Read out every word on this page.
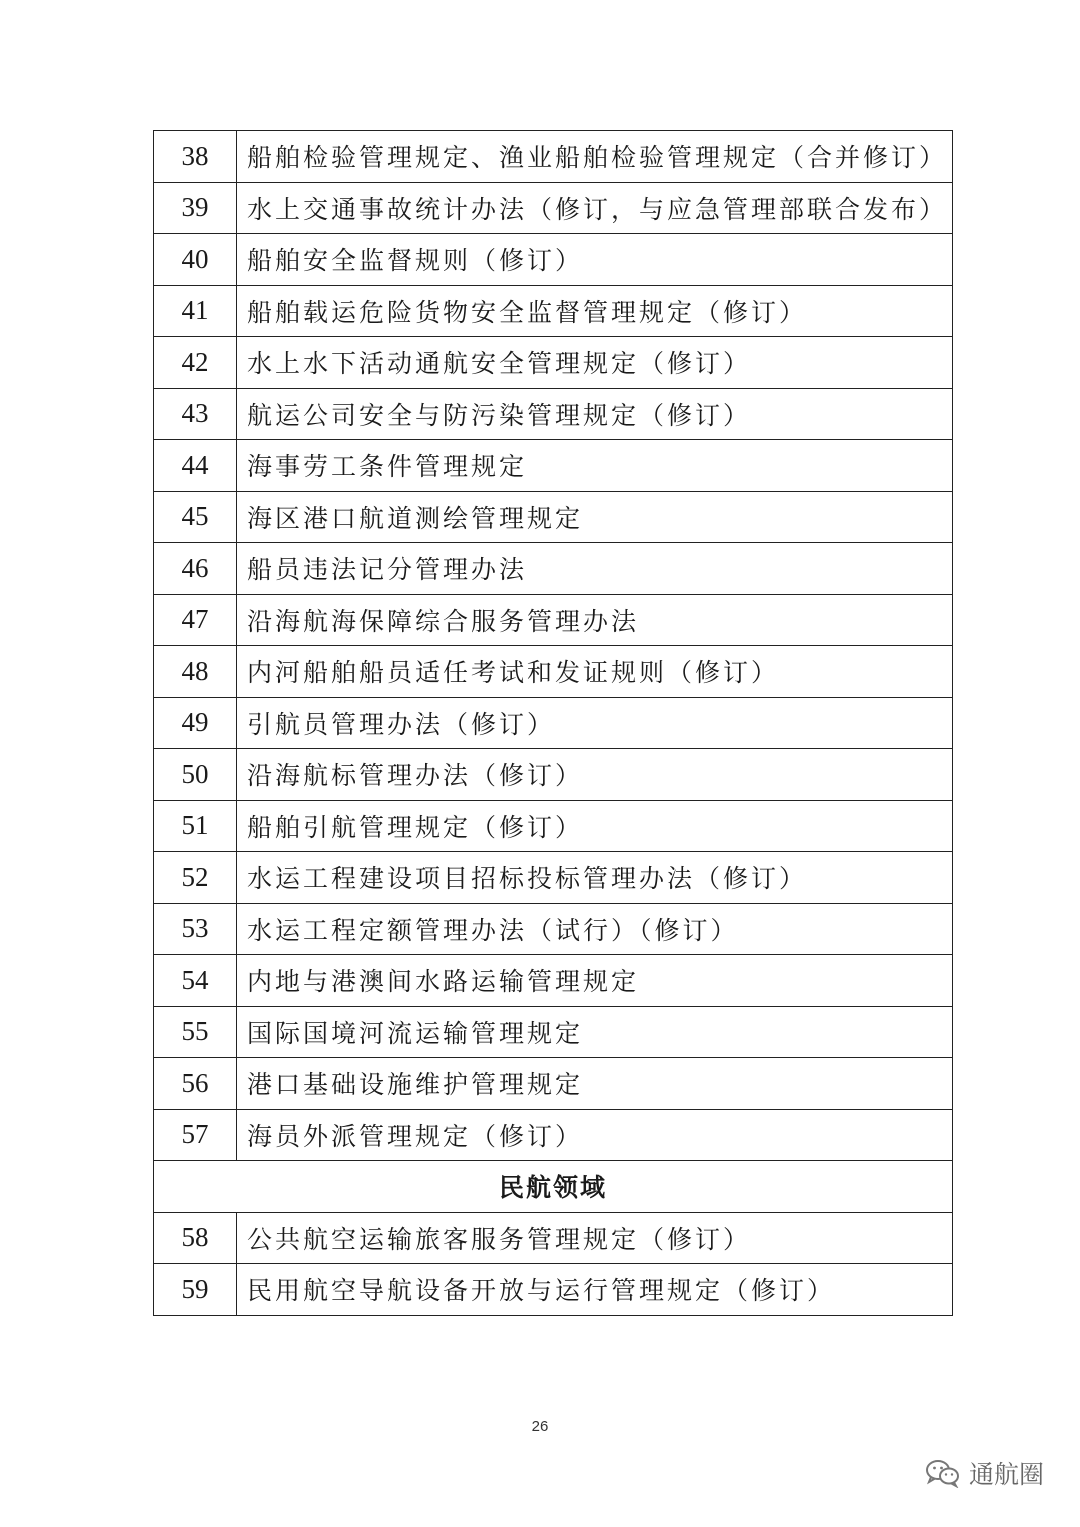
38	船舶检验管理规定、渔业船舶检验管理规定（合并修订）
39	水上交通事故统计办法（修订，与应急管理部联合发布）
40	船舶安全监督规则（修订）
41	船舶载运危险货物安全监督管理规定（修订）
42	水上水下活动通航安全管理规定（修订）
43	航运公司安全与防污染管理规定（修订）
44	海事劳工条件管理规定
45	海区港口航道测绘管理规定
46	船员违法记分管理办法
47	沿海航海保障综合服务管理办法
48	内河船舶船员适任考试和发证规则（修订）
49	引航员管理办法（修订）
50	沿海航标管理办法（修订）
51	船舶引航管理规定（修订）
52	水运工程建设项目招标投标管理办法（修订）
53	水运工程定额管理办法（试行）（修订）
54	内地与港澳间水路运输管理规定
55	国际国境河流运输管理规定
56	港口基础设施维护管理规定
57	海员外派管理规定（修订）
民航领域	
58	公共航空运输旅客服务管理规定（修订）
59	民用航空导航设备开放与运行管理规定（修订）
26
通航圈
